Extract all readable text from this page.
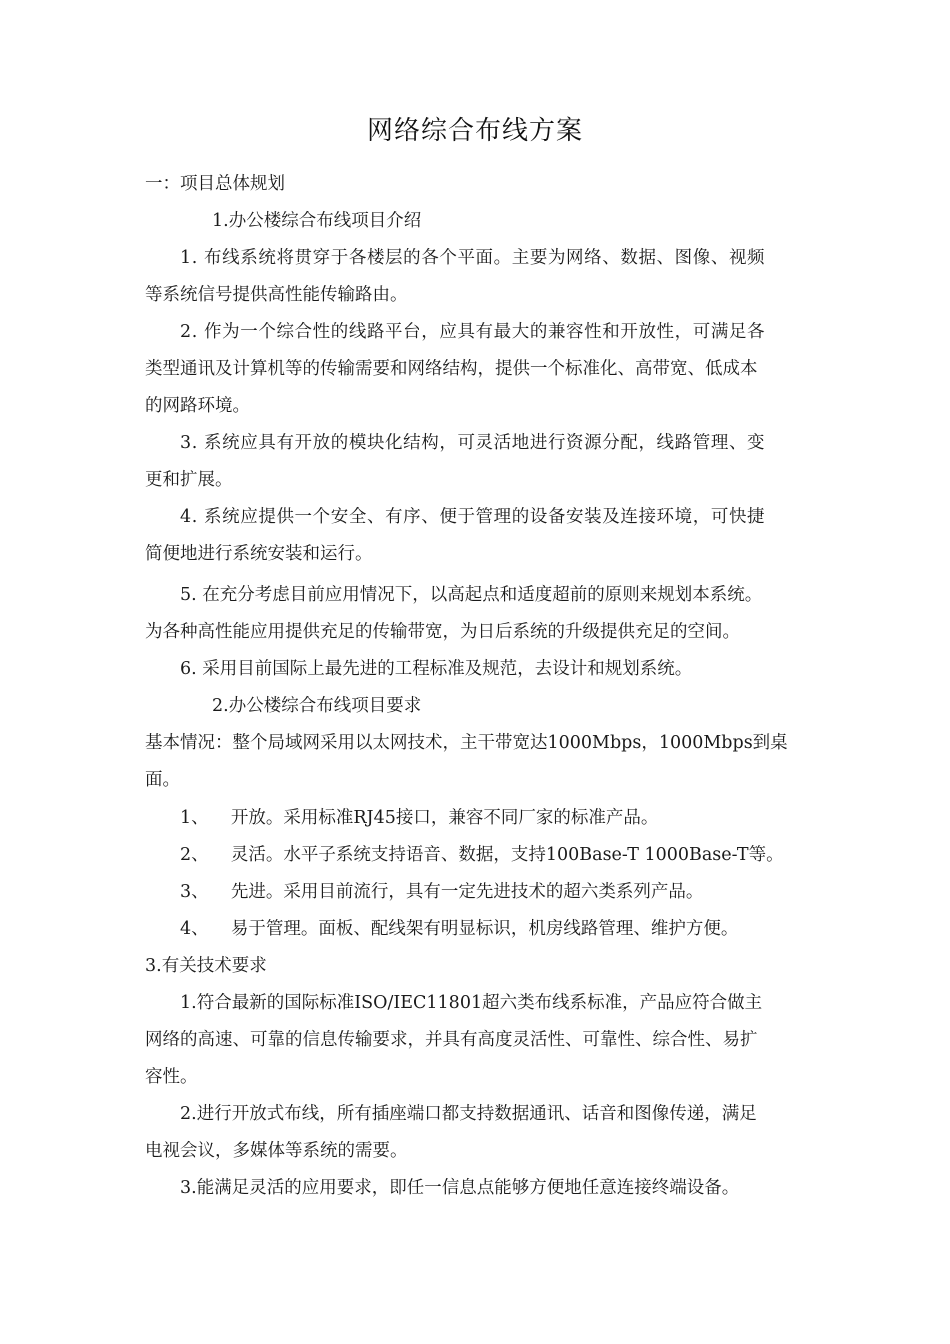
网络综合布线方案
一：项目总体规划
1.办公楼综合布线项目介绍
1. 布线系统将贯穿于各楼层的各个平面。主要为网络、数据、图像、视频
等系统信号提供高性能传输路由。
2. 作为一个综合性的线路平台，应具有最大的兼容性和开放性，可满足各
类型通讯及计算机等的传输需要和网络结构，提供一个标准化、高带宽、低成本
的网路环境。
3. 系统应具有开放的模块化结构，可灵活地进行资源分配，线路管理、变
更和扩展。
4. 系统应提供一个安全、有序、便于管理的设备安装及连接环境，可快捷
简便地进行系统安装和运行。
5. 在充分考虑目前应用情况下，以高起点和适度超前的原则来规划本系统。
为各种高性能应用提供充足的传输带宽，为日后系统的升级提供充足的空间。
6. 采用目前国际上最先进的工程标准及规范，去设计和规划系统。
2.办公楼综合布线项目要求
基本情况：整个局域网采用以太网技术，主干带宽达1000Mbps，1000Mbps到桌
面。
1、    开放。采用标准RJ45接口，兼容不同厂家的标准产品。
2、    灵活。水平子系统支持语音、数据，支持100Base-T 1000Base-T等。
3、    先进。采用目前流行，具有一定先进技术的超六类系列产品。
4、    易于管理。面板、配线架有明显标识，机房线路管理、维护方便。
3.有关技术要求
1.符合最新的国际标准ISO/IEC11801超六类布线系标准，产品应符合做主
网络的高速、可靠的信息传输要求，并具有高度灵活性、可靠性、综合性、易扩
容性。
2.进行开放式布线，所有插座端口都支持数据通讯、话音和图像传递，满足
电视会议，多媒体等系统的需要。
3.能满足灵活的应用要求，即任一信息点能够方便地任意连接终端设备。
